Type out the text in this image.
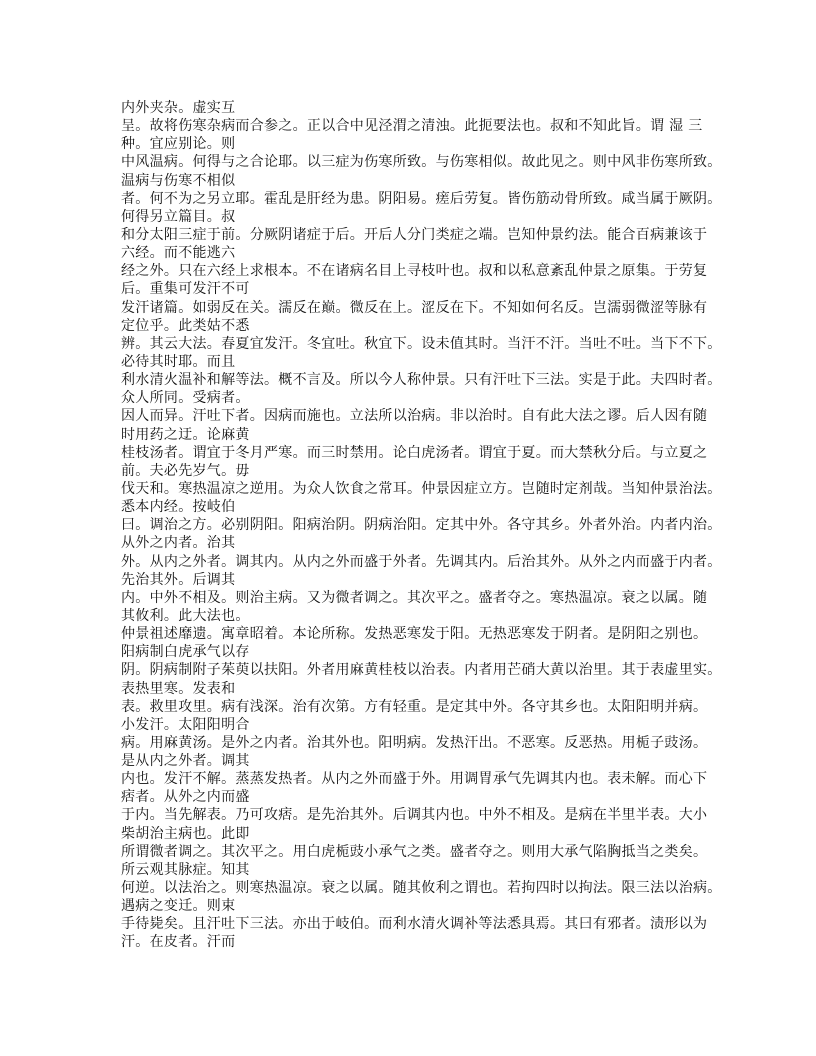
内外夹杂。虚实互
呈。故将伤寒杂病而合参之。正以合中见泾渭之清浊。此扼要法也。叔和不知此旨。谓 湿 三
种。宜应别论。则
中风温病。何得与之合论耶。以三症为伤寒所致。与伤寒相似。故此见之。则中风非伤寒所致。
温病与伤寒不相似
者。何不为之另立耶。霍乱是肝经为患。阴阳易。瘥后劳复。皆伤筋动骨所致。咸当属于厥阴。
何得另立篇目。叔
和分太阳三症于前。分厥阴诸症于后。开后人分门类症之端。岂知仲景约法。能合百病兼该于
六经。而不能逃六
经之外。只在六经上求根本。不在诸病名目上寻枝叶也。叔和以私意紊乱仲景之原集。于劳复
后。重集可发汗不可
发汗诸篇。如弱反在关。濡反在巅。微反在上。涩反在下。不知如何名反。岂濡弱微涩等脉有
定位乎。此类姑不悉
辨。其云大法。春夏宜发汗。冬宜吐。秋宜下。设未值其时。当汗不汗。当吐不吐。当下不下。
必待其时耶。而且
利水清火温补和解等法。概不言及。所以今人称仲景。只有汗吐下三法。实是于此。夫四时者。
众人所同。受病者。
因人而异。汗吐下者。因病而施也。立法所以治病。非以治时。自有此大法之谬。后人因有随
时用药之迂。论麻黄
桂枝汤者。谓宜于冬月严寒。而三时禁用。论白虎汤者。谓宜于夏。而大禁秋分后。与立夏之
前。夫必先岁气。毋
伐天和。寒热温凉之逆用。为众人饮食之常耳。仲景因症立方。岂随时定剂哉。当知仲景治法。
悉本内经。按岐伯
曰。调治之方。必别阴阳。阳病治阴。阴病治阳。定其中外。各守其乡。外者外治。内者内治。
从外之内者。治其
外。从内之外者。调其内。从内之外而盛于外者。先调其内。后治其外。从外之内而盛于内者。
先治其外。后调其
内。中外不相及。则治主病。又为微者调之。其次平之。盛者夺之。寒热温凉。衰之以属。随
其攸利。此大法也。
仲景祖述靡遗。寓章昭着。本论所称。发热恶寒发于阳。无热恶寒发于阴者。是阴阳之别也。
阳病制白虎承气以存
阴。阴病制附子茱萸以扶阳。外者用麻黄桂枝以治表。内者用芒硝大黄以治里。其于表虚里实。
表热里寒。发表和
表。救里攻里。病有浅深。治有次第。方有轻重。是定其中外。各守其乡也。太阳阳明并病。
小发汗。太阳阳明合
病。用麻黄汤。是外之内者。治其外也。阳明病。发热汗出。不恶寒。反恶热。用栀子豉汤。
是从内之外者。调其
内也。发汗不解。蒸蒸发热者。从内之外而盛于外。用调胃承气先调其内也。表未解。而心下
痞者。从外之内而盛
于内。当先解表。乃可攻痞。是先治其外。后调其内也。中外不相及。是病在半里半表。大小
柴胡治主病也。此即
所谓微者调之。其次平之。用白虎栀豉小承气之类。盛者夺之。则用大承气陷胸抵当之类矣。
所云观其脉症。知其
何逆。以法治之。则寒热温凉。衰之以属。随其攸利之谓也。若拘四时以拘法。限三法以治病。
遇病之变迁。则束
手待毙矣。且汗吐下三法。亦出于岐伯。而利水清火调补等法悉具焉。其曰有邪者。渍形以为
汗。在皮者。汗而
